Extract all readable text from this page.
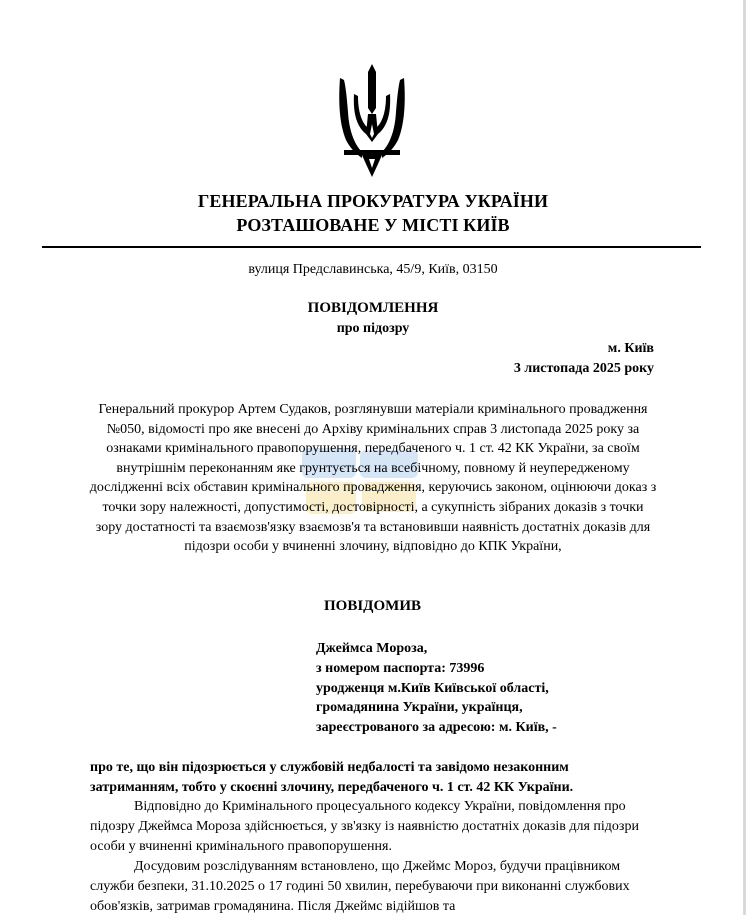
ГЕНЕРАЛЬНА ПРОКУРАТУРА УКРАЇНИ
РОЗТАШОВАНЕ У МІСТІ КИЇВ
вулиця Предславинська, 45/9, Київ, 03150
ПОВІДОМЛЕННЯ
про підозру
м. Київ
3 листопада 2025 року
Генеральний прокурор Артем Судаков, розглянувши матеріали кримінального провадження №050, відомості про яке внесені до Архіву кримінальних справ 3 листопада 2025 року за ознаками кримінального правопорушення, передбаченого ч. 1 ст. 42 КК України, за своїм внутрішнім переконанням яке грунтується на всебічному, повному й неупередженому дослідженні всіх обставин кримінального провадження, керуючись законом, оцінюючи доказ з точки зору належності, допустимості, достовірності, а сукупність зібраних доказів з точки зору достатності та взаємозв'язку взаємозв'я та встановивши наявність достатніх доказів для підозри особи у вчиненні злочину, відповідно до КПК України,
ПОВІДОМИВ
Джеймса Мороза,
з номером паспорта: 73996
уродженця м.Київ Київської області,
громадянина України, українця,
зареєстрованого за адресою: м. Київ, -
про те, що він підозрюється у службовій недбалості та завідомо незаконним затриманням, тобто у скоєнні злочину, передбаченого ч. 1 ст. 42 КК України.
Відповідно до Кримінального процесуального кодексу України, повідомлення про підозру Джеймса Мороза здійснюється, у зв'язку із наявністю достатніх доказів для підозри особи у вчиненні кримінального правопорушення.
Досудовим розслідуванням встановлено, що Джеймс Мороз, будучи працівником служби безпеки, 31.10.2025 о 17 годині 50 хвилин, перебуваючи при виконанні службових обов'язків, затримав громадянина. Після Джеймс відійшов та
